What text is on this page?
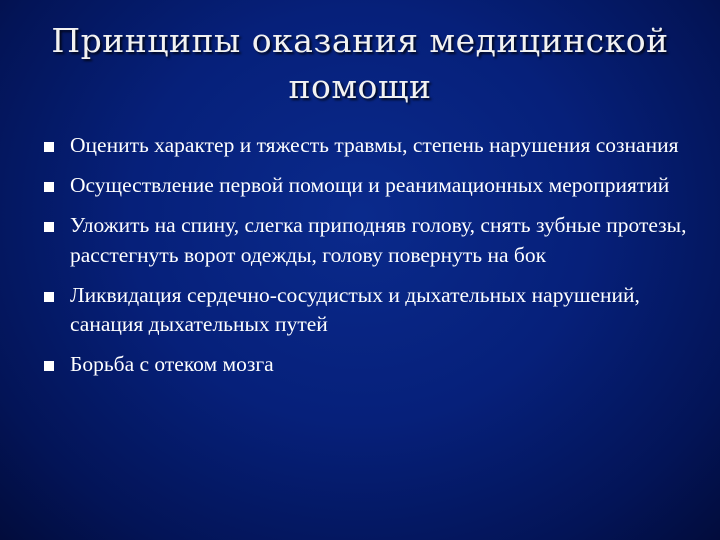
Принципы оказания медицинской
помощи
Оценить характер и тяжесть травмы, степень нарушения сознания
Осуществление первой помощи и реанимационных мероприятий
Уложить на спину, слегка приподняв голову, снять зубные протезы, расстегнуть ворот одежды, голову повернуть на бок
Ликвидация сердечно-сосудистых и дыхательных нарушений, санация дыхательных путей
Борьба с отеком мозга
